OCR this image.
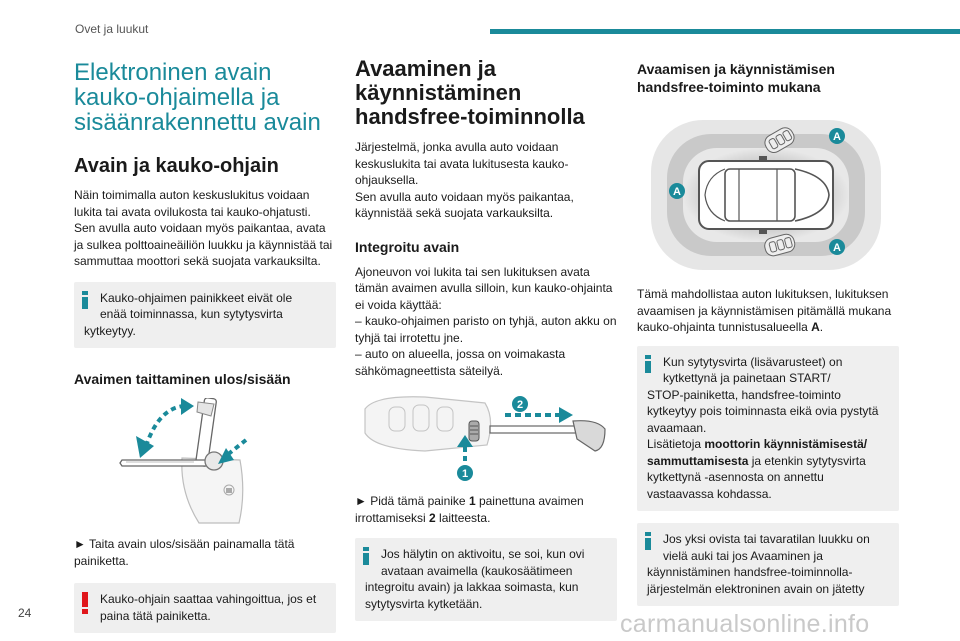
Ovet ja luukut
Elektroninen avain kauko-ohjaimella ja sisäänrakennettu avain
Avain ja kauko-ohjain

Näin toimimalla auton keskuslukitus voidaan lukita tai avata ovilukosta tai kauko-ohjatusti.

Sen avulla auto voidaan myös paikantaa, avata ja sulkea polttoaineäiliön luukku ja käynnistää tai sammuttaa moottori sekä suojata varkauksilta.

Kauko-ohjaimen painikkeet eivät ole
enää toiminnassa, kun sytytysvirta
kytkeytyy.
Avaimen taittaminen ulos/sisään

► Taita avain ulos/sisään painamalla tätä painiketta.

Kauko-ohjain saattaa vahingoittua, jos et
paina tätä painiketta.
Avaaminen ja käynnistäminen handsfree-toiminnolla

Järjestelmä, jonka avulla auto voidaan keskuslukita tai avata lukitusesta kauko-ohjauksella.

Sen avulla auto voidaan myös paikantaa, käynnistää sekä suojata varkauksilta.

Integroitu avain

Ajoneuvon voi lukita tai sen lukituksen avata tämän avaimen avulla silloin, kun kauko-ohjainta ei voida käyttää:

– kauko-ohjaimen paristo on tyhjä, auton akku on tyhjä tai irrotettu jne.

– auto on alueella, jossa on voimakasta sähkömagneettista säteilyä.

2
1

► Pidä tämä painike 1 painettuna avaimen irrottamiseksi 2 laitteesta.

Jos hälytin on aktivoitu, se soi, kun ovi
avataan avaimella (kaukosäätimeen
integroitu avain) ja lakkaa soimasta, kun sytytysvirta kytketään.
Avaamisen ja käynnistämisen handsfree-toiminto mukana
A
A
A

Tämä mahdollistaa auton lukituksen, lukituksen avaamisen ja käynnistämisen pitämällä mukana kauko-ohjainta tunnistusalueella A.

Kun sytytysvirta (lisävarusteet) on
kytkettynä ja painetaan START/
STOP-painiketta, handsfree-toiminto kytkeytyy pois toiminnasta eikä ovia pystytä avaamaan.
Lisätietoja moottorin käynnistämisestä/ sammuttamisesta ja etenkin sytytysvirta kytkettynä -asennosta on annettu vastaavassa kohdassa.
Jos yksi ovista tai tavaratilan luukku on
vielä auki tai jos Avaaminen ja
käynnistäminen handsfree-toiminnolla-järjestelmän elektroninen avain on jätetty
24	carmanualsonline.info
